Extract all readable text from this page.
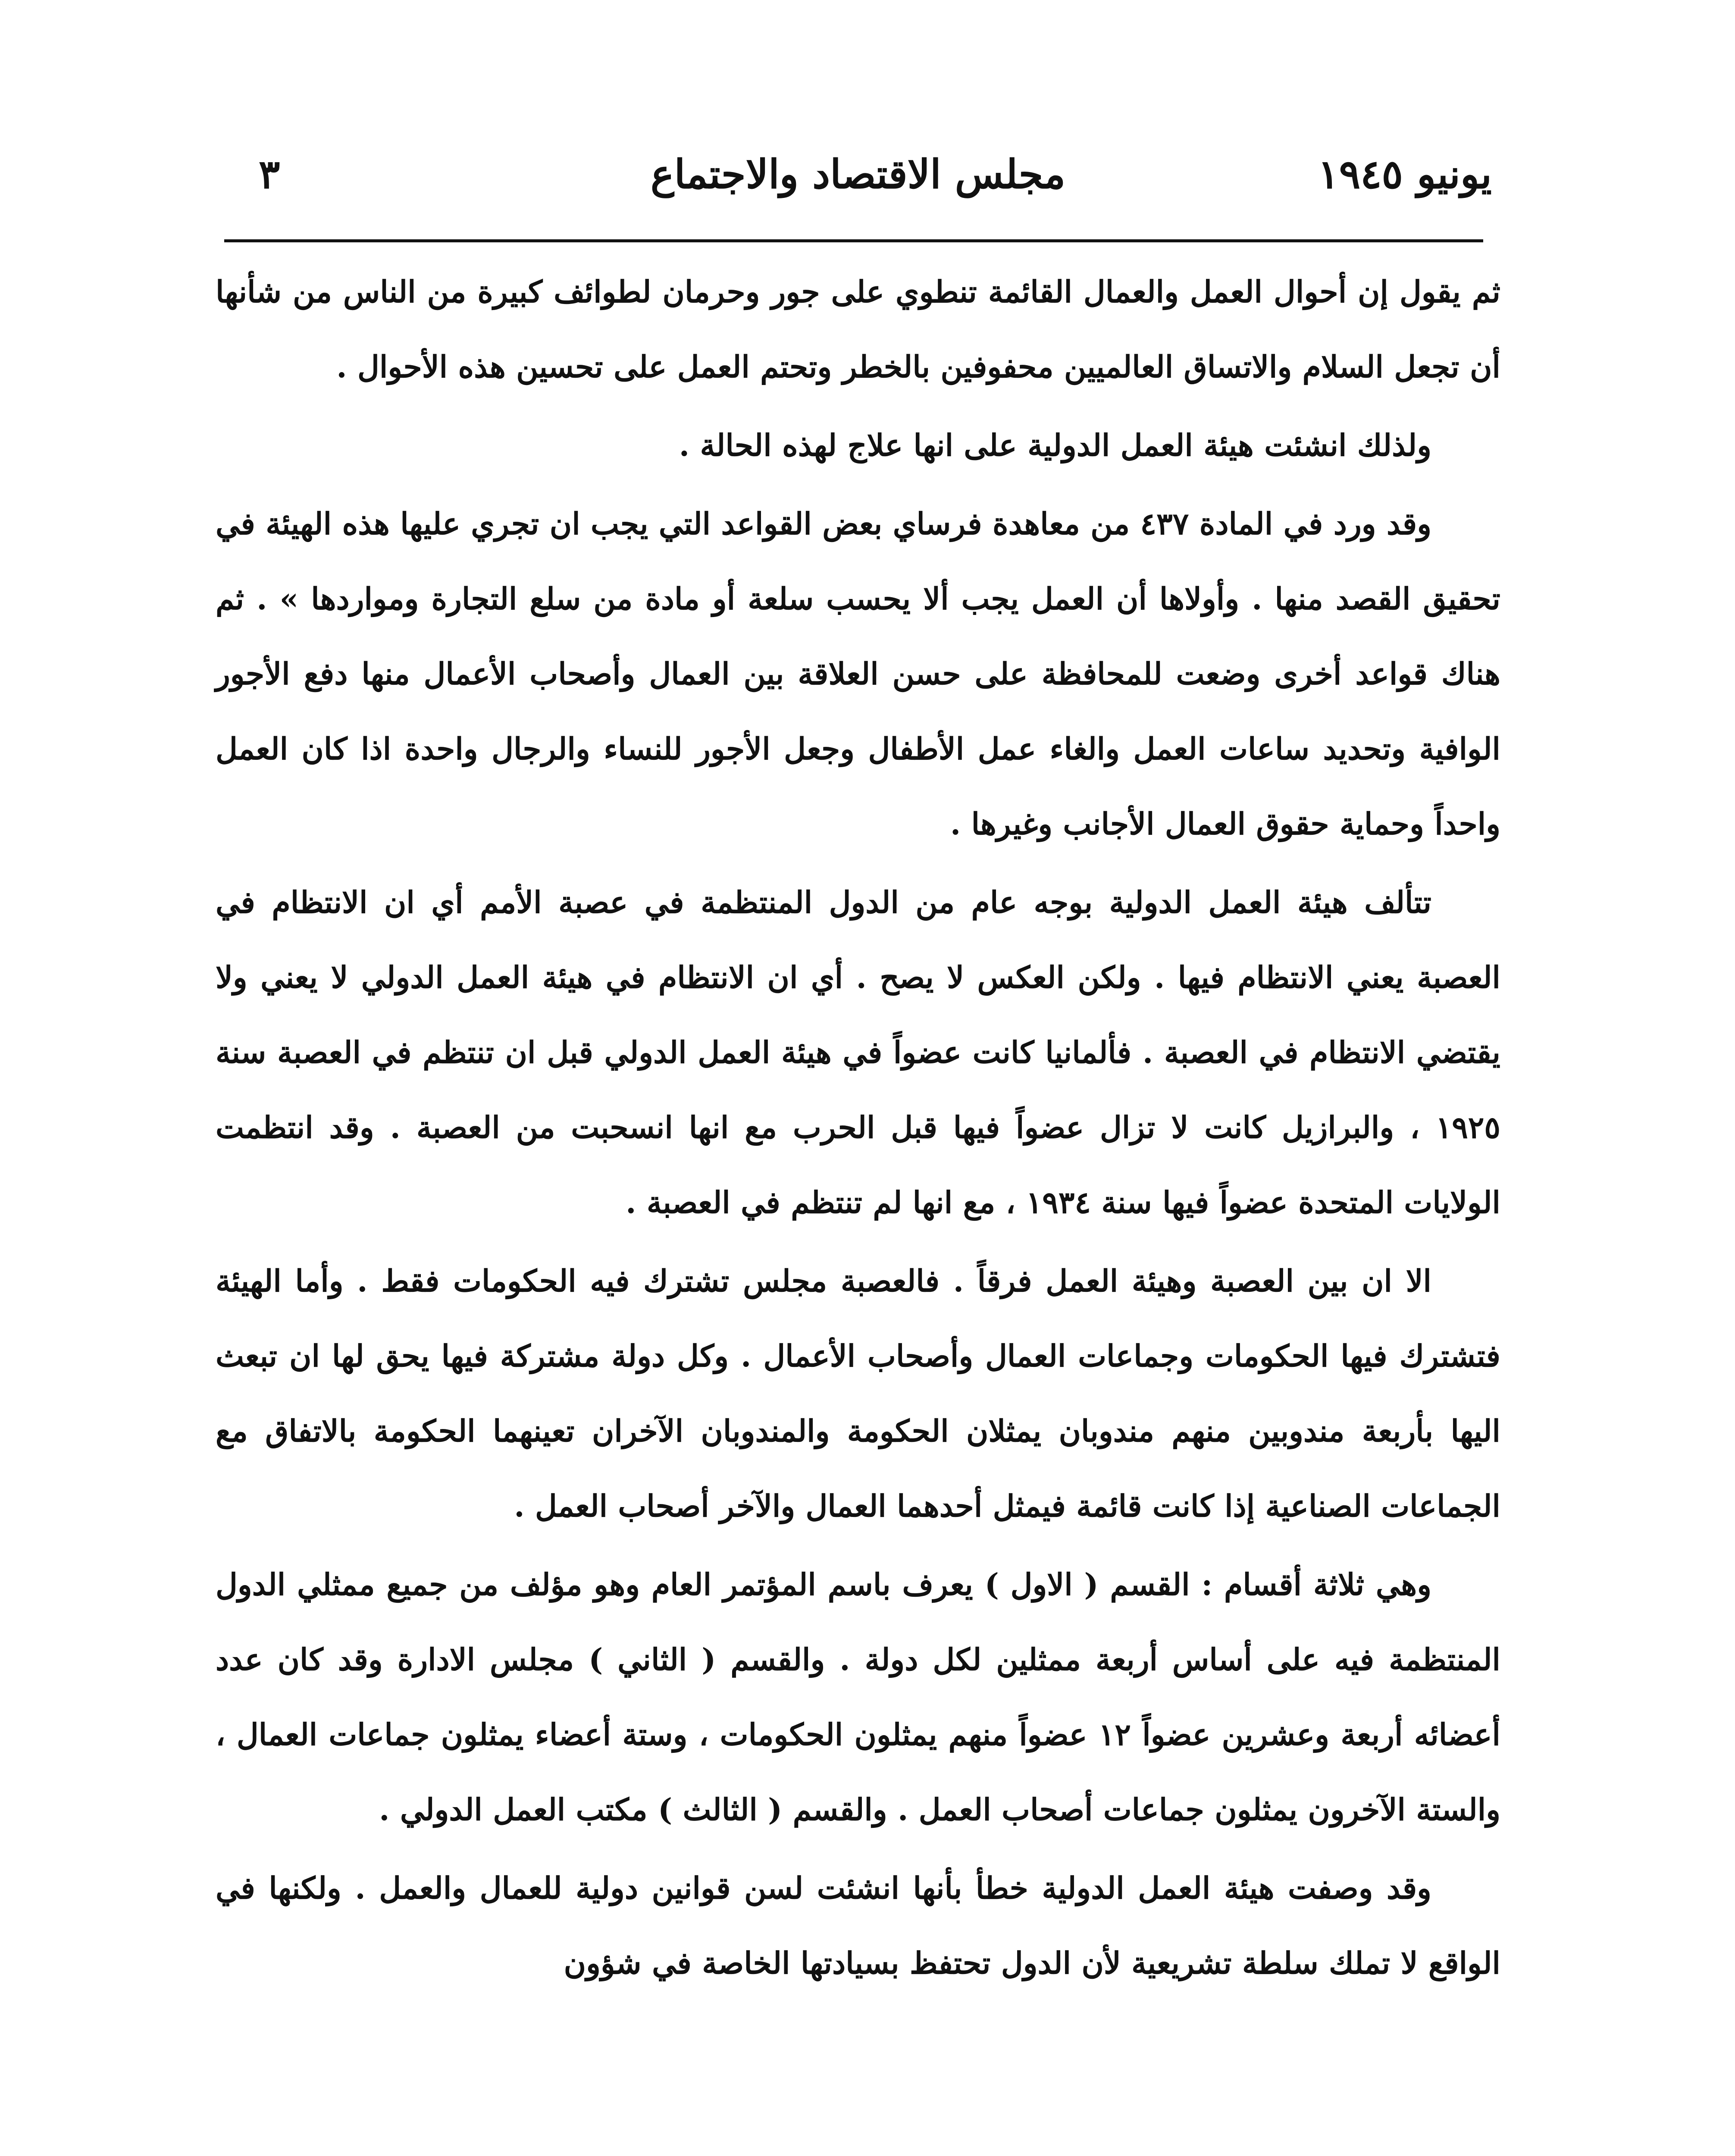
يونيو ١٩٤٥
مجلس الاقتصاد والاجتماع
٣

ثم يقول إن أحوال العمل والعمال القائمة تنطوي على جور وحرمان لطوائف كبيرة من الناس من شأنها أن تجعل السلام والاتساق العالميين محفوفين بالخطر وتحتم العمل على تحسين هذه الأحوال .

ولذلك انشئت هيئة العمل الدولية على انها علاج لهذه الحالة .

وقد ورد في المادة ٤٣٧ من معاهدة فرساي بعض القواعد التي يجب ان تجري عليها هذه الهيئة في تحقيق القصد منها . وأولاها أن العمل يجب ألا يحسب سلعة أو مادة من سلع التجارة ومواردها » . ثم هناك قواعد أخرى وضعت للمحافظة على حسن العلاقة بين العمال وأصحاب الأعمال منها دفع الأجور الوافية وتحديد ساعات العمل والغاء عمل الأطفال وجعل الأجور للنساء والرجال واحدة اذا كان العمل واحداً وحماية حقوق العمال الأجانب وغيرها .

تتألف هيئة العمل الدولية بوجه عام من الدول المنتظمة في عصبة الأمم أي ان الانتظام في العصبة يعني الانتظام فيها . ولكن العكس لا يصح . أي ان الانتظام في هيئة العمل الدولي لا يعني ولا يقتضي الانتظام في العصبة . فألمانيا كانت عضواً في هيئة العمل الدولي قبل ان تنتظم في العصبة سنة ١٩٢٥ ، والبرازيل كانت لا تزال عضواً فيها قبل الحرب مع انها انسحبت من العصبة . وقد انتظمت الولايات المتحدة عضواً فيها سنة ١٩٣٤ ، مع انها لم تنتظم في العصبة .

الا ان بين العصبة وهيئة العمل فرقاً . فالعصبة مجلس تشترك فيه الحكومات فقط . وأما الهيئة فتشترك فيها الحكومات وجماعات العمال وأصحاب الأعمال . وكل دولة مشتركة فيها يحق لها ان تبعث اليها بأربعة مندوبين منهم مندوبان يمثلان الحكومة والمندوبان الآخران تعينهما الحكومة بالاتفاق مع الجماعات الصناعية إذا كانت قائمة فيمثل أحدهما العمال والآخر أصحاب العمل .

وهي ثلاثة أقسام : القسم ( الاول ) يعرف باسم المؤتمر العام وهو مؤلف من جميع ممثلي الدول المنتظمة فيه على أساس أربعة ممثلين لكل دولة . والقسم ( الثاني ) مجلس الادارة وقد كان عدد أعضائه أربعة وعشرين عضواً ١٢ عضواً منهم يمثلون الحكومات ، وستة أعضاء يمثلون جماعات العمال ، والستة الآخرون يمثلون جماعات أصحاب العمل . والقسم ( الثالث ) مكتب العمل الدولي .

وقد وصفت هيئة العمل الدولية خطأ بأنها انشئت لسن قوانين دولية للعمال والعمل . ولكنها في الواقع لا تملك سلطة تشريعية لأن الدول تحتفظ بسيادتها الخاصة في شؤون
